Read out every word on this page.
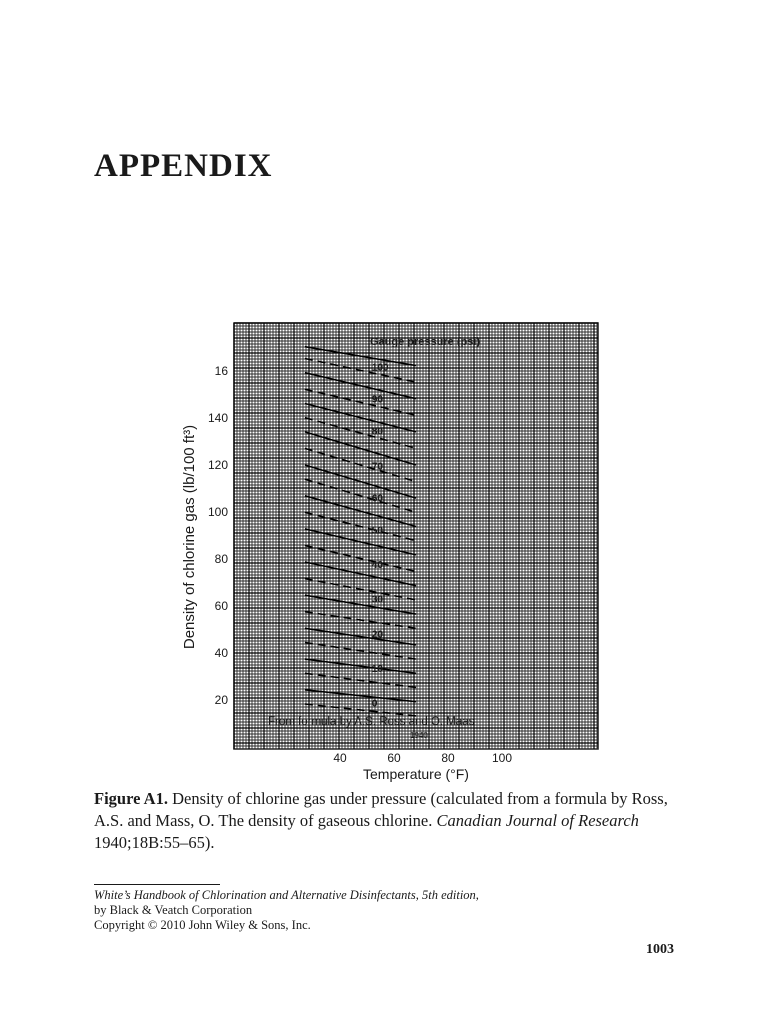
APPENDIX
100
90
80
70
60
50
40
30
20
10
0
40	60	80	100
20
40
60
80
100
120
140
16
Gauge pressure (psi)
From formula by A.S. Ross and O. Maas
1940
Temperature (°F)
Density of chlorine gas (lb/100 ft³)

Figure A1. Density of chlorine gas under pressure (calculated from a formula by Ross, A.S. and Mass, O. The density of gaseous chlorine. Canadian Journal of Research 1940;18B:55–65).

White’s Handbook of Chlorination and Alternative Disinfectants, 5th edition,
by Black & Veatch Corporation
Copyright © 2010 John Wiley & Sons, Inc.
1003
